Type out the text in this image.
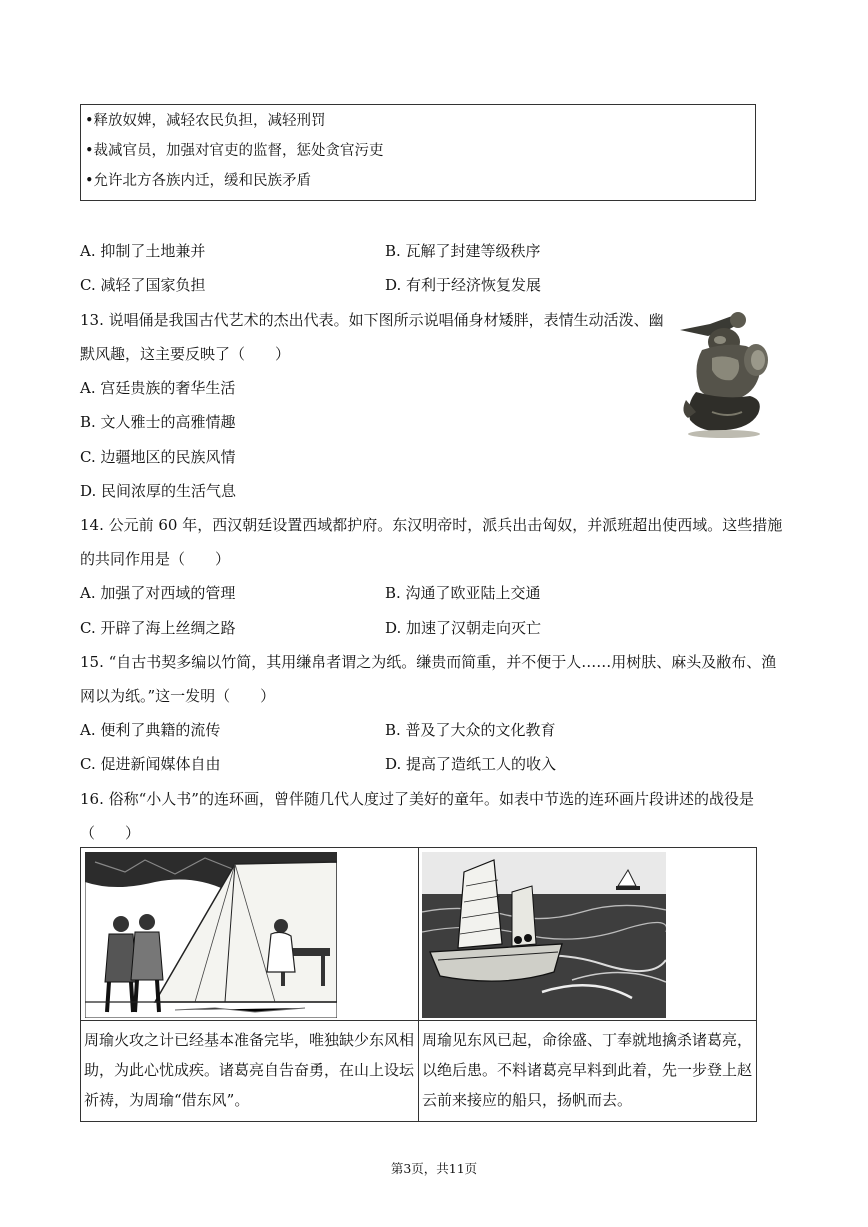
•释放奴婢，减轻农民负担，减轻刑罚
•裁减官员，加强对官吏的监督，惩处贪官污吏
•允许北方各族内迁，缓和民族矛盾
A. 抑制了土地兼并	B. 瓦解了封建等级秩序
C. 减轻了国家负担	D. 有利于经济恢复发展
13. 说唱俑是我国古代艺术的杰出代表。如下图所示说唱俑身材矮胖，表情生动活泼、幽
默风趣，这主要反映了（　　）
A. 宫廷贵族的奢华生活
B. 文人雅士的高雅情趣
C. 边疆地区的民族风情
D. 民间浓厚的生活气息
14. 公元前 60 年，西汉朝廷设置西域都护府。东汉明帝时，派兵出击匈奴，并派班超出使西域。这些措施
的共同作用是（　　）
A. 加强了对西域的管理	B. 沟通了欧亚陆上交通
C. 开辟了海上丝绸之路	D. 加速了汉朝走向灭亡
15. “自古书契多编以竹简，其用缣帛者谓之为纸。缣贵而简重，并不便于人……用树肤、麻头及敝布、渔
网以为纸。”这一发明（　　）
A. 便利了典籍的流传	B. 普及了大众的文化教育
C. 促进新闻媒体自由	D. 提高了造纸工人的收入
16. 俗称“小人书”的连环画，曾伴随几代人度过了美好的童年。如表中节选的连环画片段讲述的战役是
（　　）

周瑜火攻之计已经基本准备完毕，唯独缺少东风相助，为此心忧成疾。诸葛亮自告奋勇，在山上设坛祈祷，为周瑜“借东风”。	周瑜见东风已起，命徐盛、丁奉就地擒杀诸葛亮，以绝后患。不料诸葛亮早料到此着，先一步登上赵云前来接应的船只，扬帆而去。
第3页，共11页
